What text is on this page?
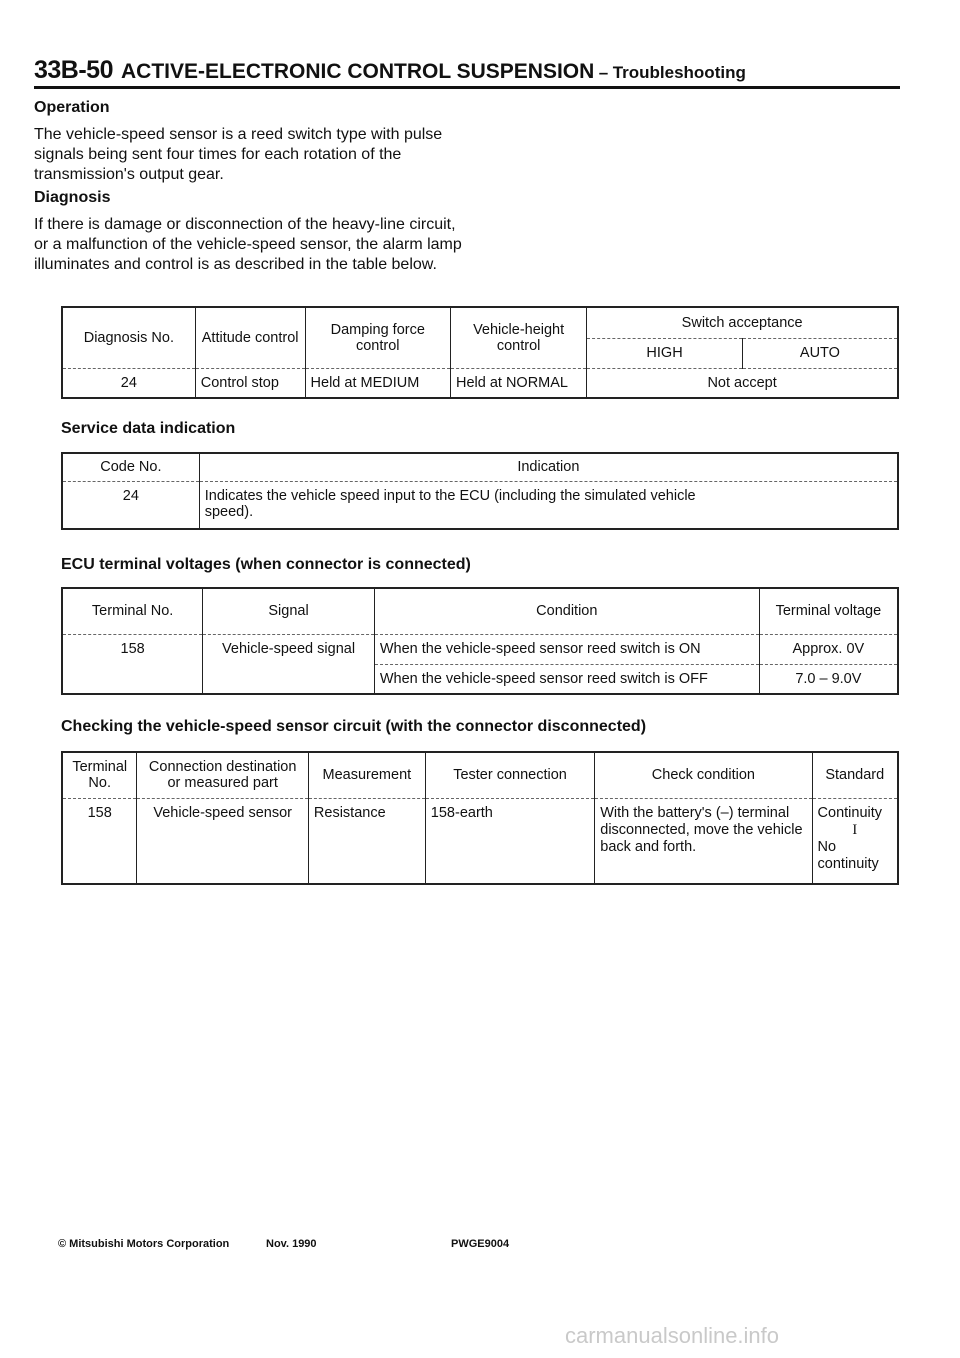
33B-50 ACTIVE-ELECTRONIC CONTROL SUSPENSION – Troubleshooting
Operation
The vehicle-speed sensor is a reed switch type with pulse signals being sent four times for each rotation of the transmission's output gear.
Diagnosis
If there is damage or disconnection of the heavy-line circuit, or a malfunction of the vehicle-speed sensor, the alarm lamp illuminates and control is as described in the table below.
Diagnosis No.	Attitude control	Damping force control	Vehicle-height control	Switch acceptance	
				HIGH	AUTO
24	Control stop	Held at MEDIUM	Held at NORMAL	Not accept	
Service data indication
Code No.	Indication
24	Indicates the vehicle speed input to the ECU (including the simulated vehicle speed).
ECU terminal voltages (when connector is connected)
Terminal No.	Signal	Condition	Terminal voltage
158	Vehicle-speed signal	When the vehicle-speed sensor reed switch is ON	Approx. 0V
		When the vehicle-speed sensor reed switch is OFF	7.0 – 9.0V
Checking the vehicle-speed sensor circuit (with the connector disconnected)
Terminal No.	Connection destination or measured part	Measurement	Tester connection	Check condition	Standard
158	Vehicle-speed sensor	Resistance	158-earth	With the battery's (–) terminal disconnected, move the vehicle back and forth.	Continuity
I
No continuity
© Mitsubishi Motors Corporation	Nov. 1990	PWGE9004
carmanualsonline.info
